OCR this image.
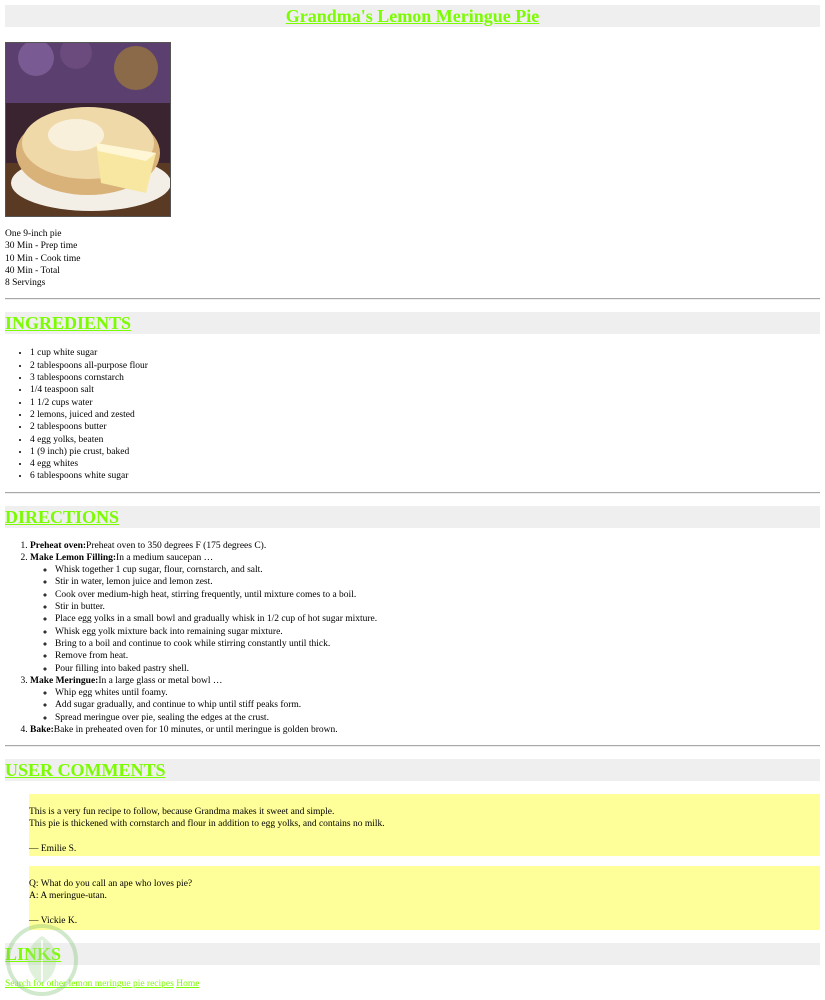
Grandma's Lemon Meringue Pie
One 9-inch pie
30 Min - Prep time
10 Min - Cook time
40 Min - Total
8 Servings
INGREDIENTS
• 1 cup white sugar
• 2 tablespoons all-purpose flour
• 3 tablespoons cornstarch
• 1/4 teaspoon salt
• 1 1/2 cups water
• 2 lemons, juiced and zested
• 2 tablespoons butter
• 4 egg yolks, beaten
• 1 (9 inch) pie crust, baked
• 4 egg whites
• 6 tablespoons white sugar
DIRECTIONS
1. Preheat oven:Preheat oven to 350 degrees F (175 degrees C).
2. Make Lemon Filling:In a medium saucepan …
◦ Whisk together 1 cup sugar, flour, cornstarch, and salt.
◦ Stir in water, lemon juice and lemon zest.
◦ Cook over medium-high heat, stirring frequently, until mixture comes to a boil.
◦ Stir in butter.
◦ Place egg yolks in a small bowl and gradually whisk in 1/2 cup of hot sugar mixture.
◦ Whisk egg yolk mixture back into remaining sugar mixture.
◦ Bring to a boil and continue to cook while stirring constantly until thick.
◦ Remove from heat.
◦ Pour filling into baked pastry shell.
3. Make Meringue:In a large glass or metal bowl …
◦ Whip egg whites until foamy.
◦ Add sugar gradually, and continue to whip until stiff peaks form.
◦ Spread meringue over pie, sealing the edges at the crust.
4. Bake:Bake in preheated oven for 10 minutes, or until meringue is golden brown.
USER COMMENTS
This is a very fun recipe to follow, because Grandma makes it sweet and simple.
This pie is thickened with cornstarch and flour in addition to egg yolks, and contains no milk.
— Emilie S.
Q: What do you call an ape who loves pie?
A: A meringue-utan.
— Vickie K.
LINKS
Search for other lemon meringue pie recipes Home
